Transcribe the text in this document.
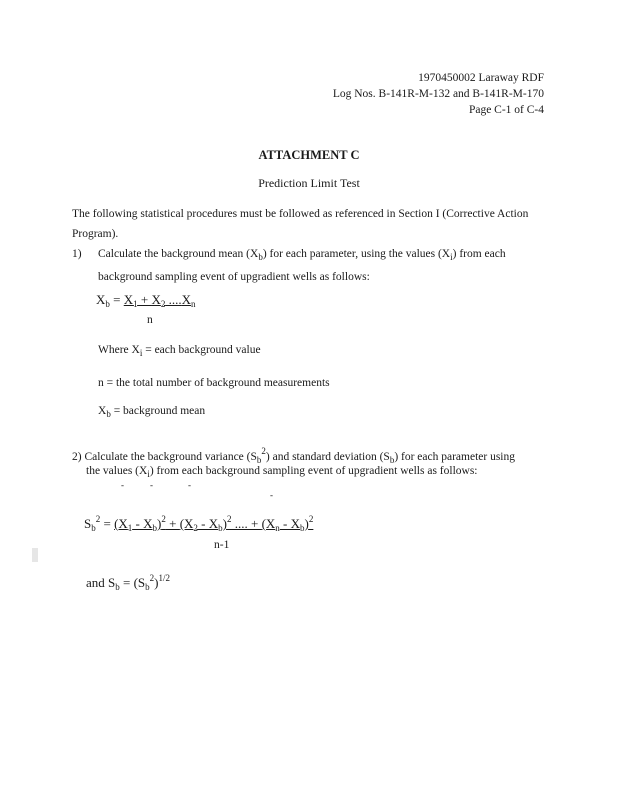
1970450002 Laraway RDF
Log Nos. B-141R-M-132 and B-141R-M-170
Page C-1 of C-4
ATTACHMENT C
Prediction Limit Test
The following statistical procedures must be followed as referenced in Section I (Corrective Action Program).
1) Calculate the background mean $(X_b)$ for each parameter, using the values $(X_i)$ from each background sampling event of upgradient wells as follows:
$X_b = X_1 + X_2$ $....X_n$
n
Where $X_i$ = each background value
n = the total number of background measurements
$X_b$ = background mean
2) Calculate the background variance $(S_b^2)$ and standard deviation $(S_b)$ for each parameter using
the values $(X_i)$ from each background sampling event of upgradient wells as follows:
-	-	-
-
$S_b^2 = (X_1 - X_b)^2 + (X_2 - X_b)^2$ .... + $(X_n - X_b)^2$
n-1
and $S_b = (S_b^2)^{1/2}$
